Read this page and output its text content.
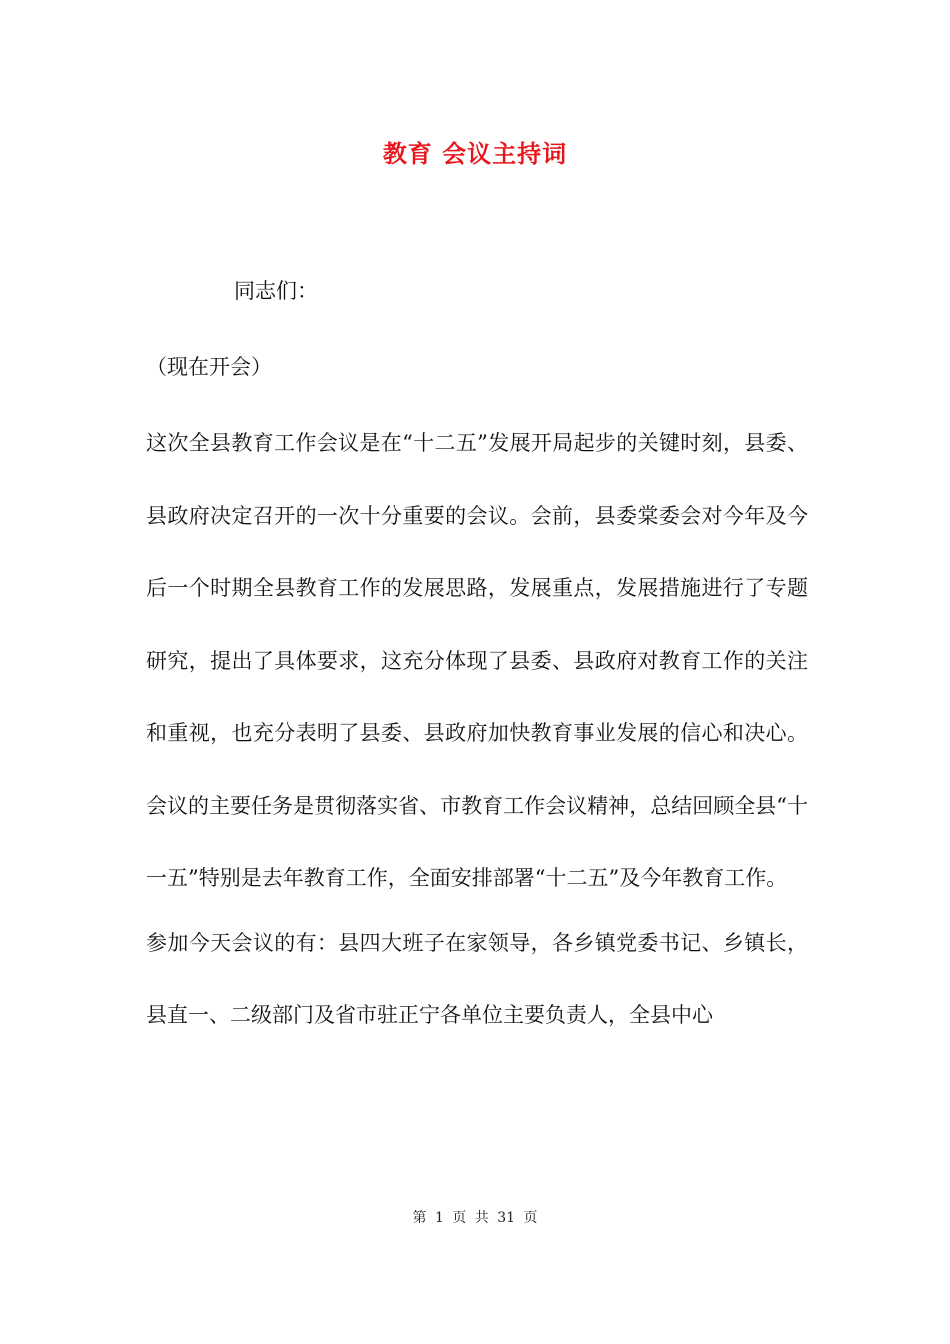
教育 会议主持词

同志们：

（现在开会）

这次全县教育工作会议是在“十二五”发展开局起步的关键时刻，县委、县政府决定召开的一次十分重要的会议。会前，县委棠委会对今年及今后一个时期全县教育工作的发展思路，发展重点，发展措施进行了专题研究，提出了具体要求，这充分体现了县委、县政府对教育工作的关注和重视，也充分表明了县委、县政府加快教育事业发展的信心和决心。会议的主要任务是贯彻落实省、市教育工作会议精神，总结回顾全县“十一五”特别是去年教育工作，全面安排部署“十二五”及今年教育工作。

参加今天会议的有：县四大班子在家领导，各乡镇党委书记、乡镇长，县直一、二级部门及省市驻正宁各单位主要负责人，全县中心

第 1 页 共 31 页
